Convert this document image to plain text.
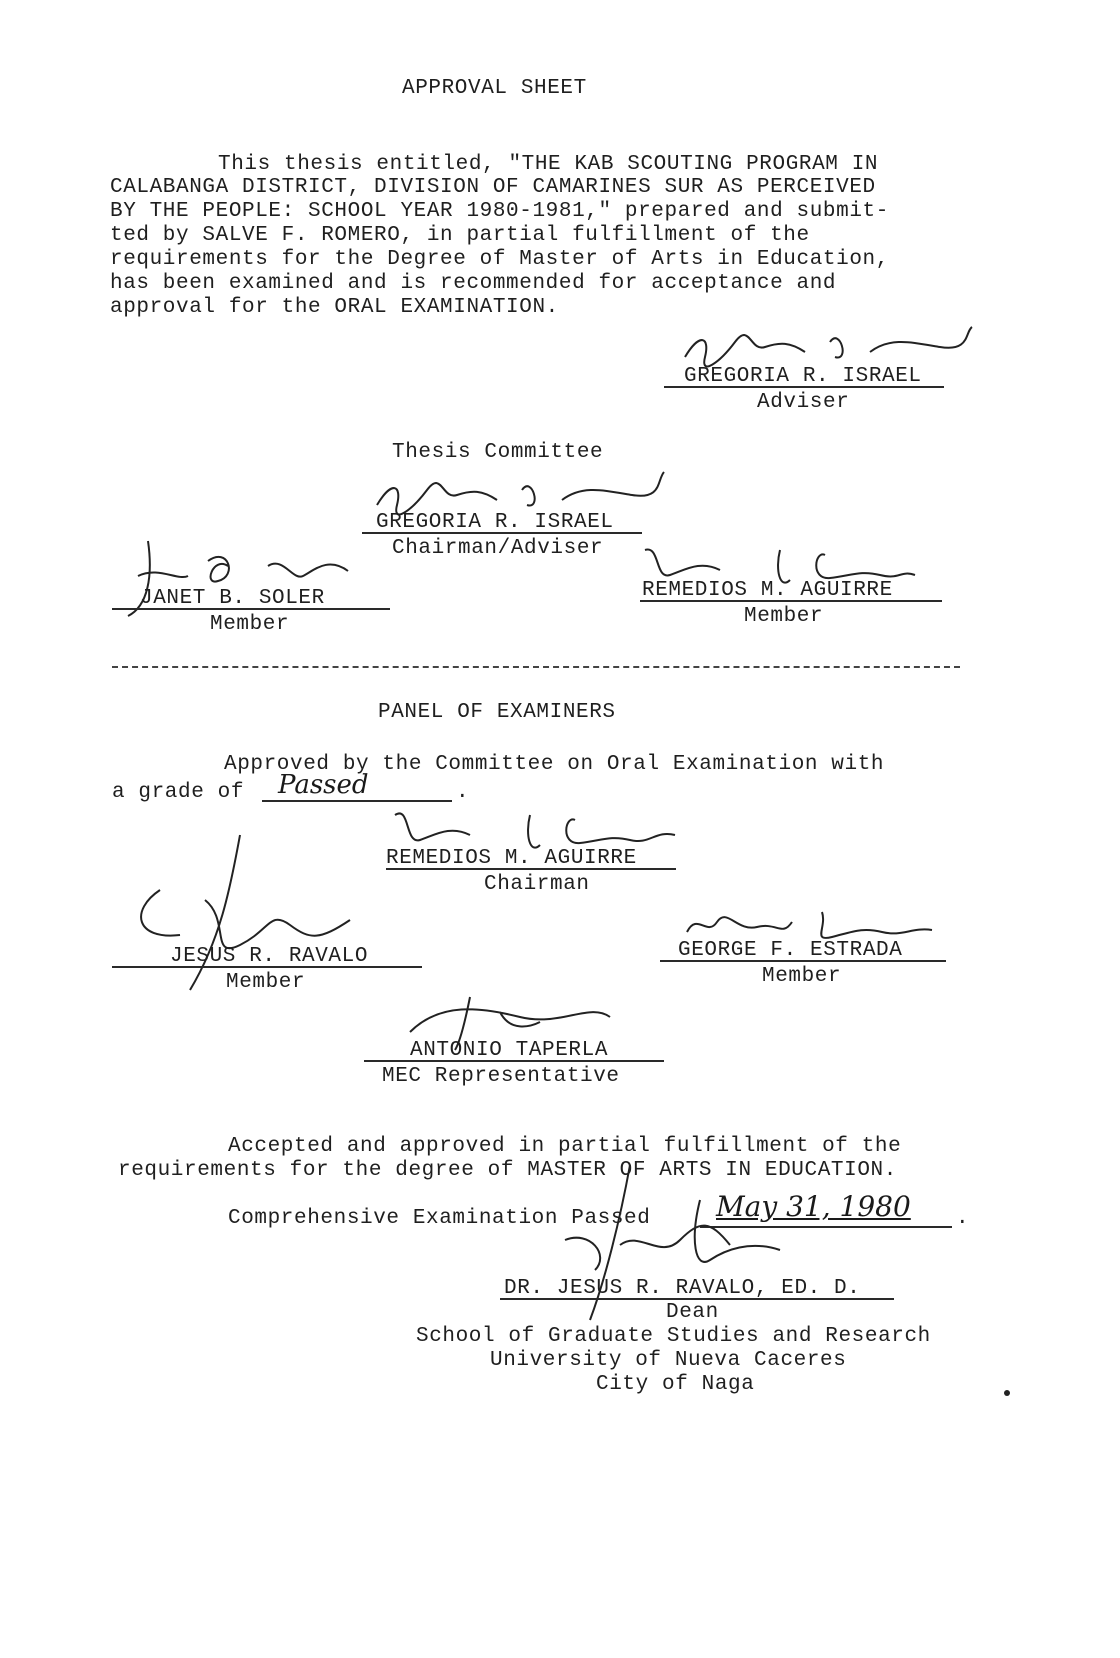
APPROVAL SHEET
This thesis entitled, "THE KAB SCOUTING PROGRAM IN
CALABANGA DISTRICT, DIVISION OF CAMARINES SUR AS PERCEIVED
BY THE PEOPLE: SCHOOL YEAR 1980-1981," prepared and submit-
ted by SALVE F. ROMERO, in partial fulfillment of the
requirements for the Degree of Master of Arts in Education,
has been examined and is recommended for acceptance and
approval for the ORAL EXAMINATION.
GREGORIA R. ISRAEL
Adviser
Thesis Committee
GREGORIA R. ISRAEL
Chairman/Adviser
JANET B. SOLER
Member
REMEDIOS M. AGUIRRE
Member
PANEL OF EXAMINERS
Approved by the Committee on Oral Examination with
a grade of Passed	.
REMEDIOS M. AGUIRRE
Chairman
JESUS R. RAVALO
Member
GEORGE F. ESTRADA
Member
ANTONIO TAPERLA
MEC Representative
Accepted and approved in partial fulfillment of the
requirements for the degree of MASTER OF ARTS IN EDUCATION.
Comprehensive Examination Passed May 31, 1980 .
DR. JESUS R. RAVALO, ED. D.
Dean
School of Graduate Studies and Research
University of Nueva Caceres
City of Naga
